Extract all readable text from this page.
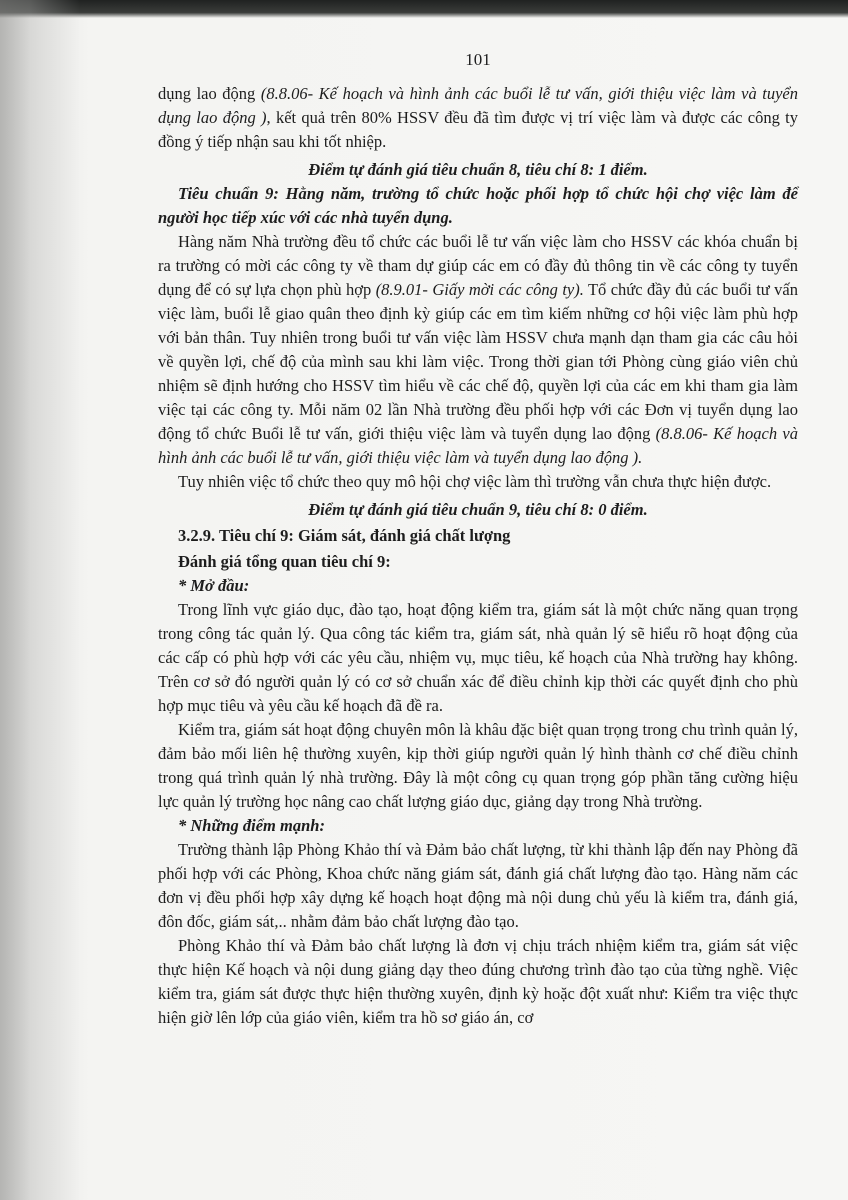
101

dụng lao động (8.8.06- Kế hoạch và hình ảnh các buổi lễ tư vấn, giới thiệu việc làm và tuyển dụng lao động ), kết quả trên 80% HSSV đều đã tìm được vị trí việc làm và được các công ty đồng ý tiếp nhận sau khi tốt nhiệp.

Điểm tự đánh giá tiêu chuẩn 8, tiêu chí 8: 1 điểm.

Tiêu chuẩn 9: Hằng năm, trường tổ chức hoặc phối hợp tổ chức hội chợ việc làm để người học tiếp xúc với các nhà tuyển dụng.

Hàng năm Nhà trường đều tổ chức các buổi lễ tư vấn việc làm cho HSSV các khóa chuẩn bị ra trường có mời các công ty về tham dự giúp các em có đầy đủ thông tin về các công ty tuyển dụng để có sự lựa chọn phù hợp (8.9.01- Giấy mời các công ty). Tổ chức đầy đủ các buổi tư vấn việc làm, buổi lễ giao quân theo định kỳ giúp các em tìm kiếm những cơ hội việc làm phù hợp với bản thân. Tuy nhiên trong buổi tư vấn việc làm HSSV chưa mạnh dạn tham gia các câu hỏi về quyền lợi, chế độ của mình sau khi làm việc. Trong thời gian tới Phòng cùng giáo viên chủ nhiệm sẽ định hướng cho HSSV tìm hiểu về các chế độ, quyền lợi của các em khi tham gia làm việc tại các công ty. Mỗi năm 02 lần Nhà trường đều phối hợp với các Đơn vị tuyển dụng lao động tổ chức Buổi lễ tư vấn, giới thiệu việc làm và tuyển dụng lao động (8.8.06- Kế hoạch và hình ảnh các buổi lễ tư vấn, giới thiệu việc làm và tuyển dụng lao động ).

Tuy nhiên việc tổ chức theo quy mô hội chợ việc làm thì trường vẫn chưa thực hiện được.

Điểm tự đánh giá tiêu chuẩn 9, tiêu chí 8: 0 điểm.

3.2.9. Tiêu chí 9: Giám sát, đánh giá chất lượng

Đánh giá tổng quan tiêu chí 9:

* Mở đầu:

Trong lĩnh vực giáo dục, đào tạo, hoạt động kiểm tra, giám sát là một chức năng quan trọng trong công tác quản lý. Qua công tác kiểm tra, giám sát, nhà quản lý sẽ hiểu rõ hoạt động của các cấp có phù hợp với các yêu cầu, nhiệm vụ, mục tiêu, kế hoạch của Nhà trường hay không. Trên cơ sở đó người quản lý có cơ sở chuẩn xác để điều chỉnh kịp thời các quyết định cho phù hợp mục tiêu và yêu cầu kế hoạch đã đề ra.

Kiểm tra, giám sát hoạt động chuyên môn là khâu đặc biệt quan trọng trong chu trình quản lý, đảm bảo mối liên hệ thường xuyên, kịp thời giúp người quản lý hình thành cơ chế điều chỉnh trong quá trình quản lý nhà trường. Đây là một công cụ quan trọng góp phần tăng cường hiệu lực quản lý trường học nâng cao chất lượng giáo dục, giảng dạy trong Nhà trường.

* Những điểm mạnh:

Trường thành lập Phòng Khảo thí và Đảm bảo chất lượng, từ khi thành lập đến nay Phòng đã phối hợp với các Phòng, Khoa chức năng giám sát, đánh giá chất lượng đào tạo. Hàng năm các đơn vị đều phối hợp xây dựng kế hoạch hoạt động mà nội dung chủ yếu là kiểm tra, đánh giá, đôn đốc, giám sát,.. nhằm đảm bảo chất lượng đào tạo.

Phòng Khảo thí và Đảm bảo chất lượng là đơn vị chịu trách nhiệm kiểm tra, giám sát việc thực hiện Kế hoạch và nội dung giảng dạy theo đúng chương trình đào tạo của từng nghề. Việc kiểm tra, giám sát được thực hiện thường xuyên, định kỳ hoặc đột xuất như: Kiểm tra việc thực hiện giờ lên lớp của giáo viên, kiểm tra hồ sơ giáo án, cơ
